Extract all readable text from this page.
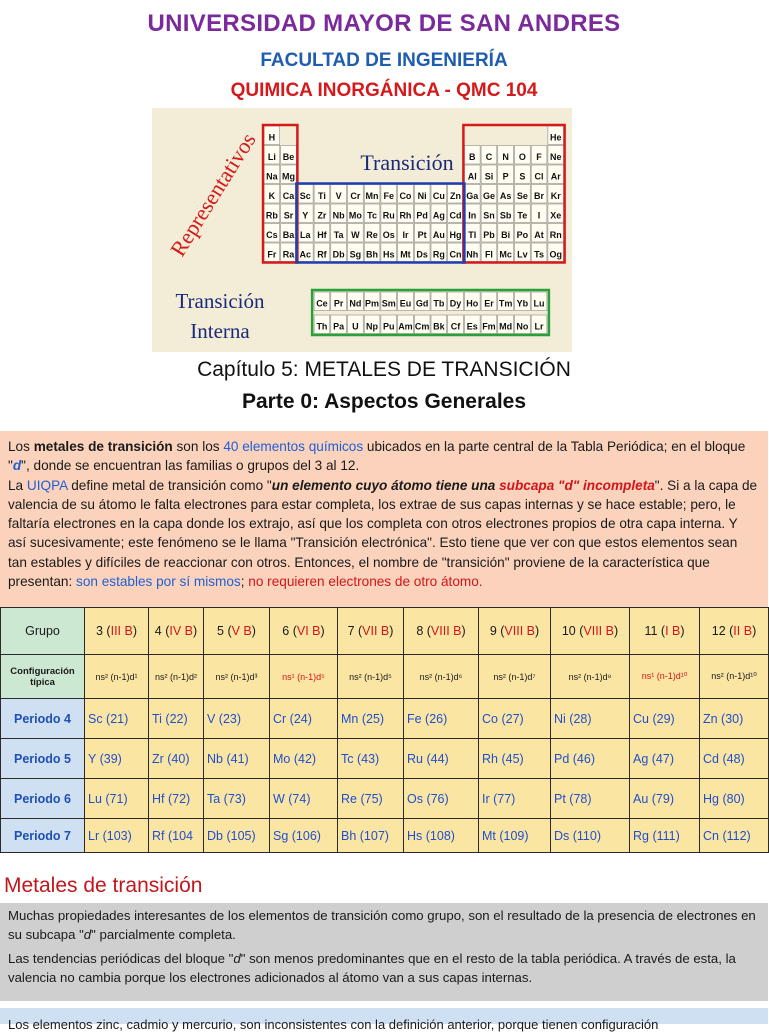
UNIVERSIDAD MAYOR DE SAN ANDRES
FACULTAD DE INGENIERÍA
QUIMICA INORGÁNICA - QMC 104
H	He
Li Be	B C N O F Ne
Na Mg	Al Si P S Cl Ar
K Ca Sc Ti V Cr Mn Fe Co Ni Cu Zn Ga Ge As Se Br Kr
Rb Sr Y Zr Nb Mo Tc Ru Rh Pd Ag Cd In Sn Sb Te I Xe
Cs Ba La Hf Ta W Re Os Ir Pt Au Hg Tl Pb Bi Po At Rn
Fr Ra Ac Rf Db Sg Bh Hs Mt Ds Rg Cn Nh Fl Mc Lv Ts Og
Ce Pr Nd Pm Sm Eu Gd Tb Dy Ho Er Tm Yb Lu
Th Pa U Np Pu Am Cm Bk Cf Es Fm Md No Lr
Transición
Representativos
Transición
Interna
Capítulo 5: METALES DE TRANSICIÓN
Parte 0: Aspectos Generales
Los metales de transición son los 40 elementos químicos ubicados en la parte central de la Tabla Periódica; en el bloque "d", donde se encuentran las familias o grupos del 3 al 12.
La UIQPA define metal de transición como "un elemento cuyo átomo tiene una subcapa "d" incompleta". Si a la capa de valencia de su átomo le falta electrones para estar completa, los extrae de sus capas internas y se hace estable; pero, le faltaría electrones en la capa donde los extrajo, así que los completa con otros electrones propios de otra capa interna. Y así sucesivamente; este fenómeno se le llama "Transición electrónica". Esto tiene que ver con que estos elementos sean tan estables y difíciles de reaccionar con otros. Entonces, el nombre de "transición" proviene de la característica que presentan: son estables por sí mismos; no requieren electrones de otro átomo.
Grupo	3 (III B)	4 (IV B)	5 (V B)	6 (VI B)	7 (VII B)	8 (VIII B)	9 (VIII B)	10 (VIII B)	11 (I B)	12 (II B)
Configuración típica	ns² (n-1)d¹	ns² (n-1)d²	ns² (n-1)d³	ns¹ (n-1)d⁵	ns² (n-1)d⁵	ns² (n-1)d⁶	ns² (n-1)d⁷	ns² (n-1)d⁸	ns¹ (n-1)d¹⁰	ns² (n-1)d¹⁰
Periodo 4	Sc (21)	Ti (22)	V (23)	Cr (24)	Mn (25)	Fe (26)	Co (27)	Ni (28)	Cu (29)	Zn (30)
Periodo 5	Y (39)	Zr (40)	Nb (41)	Mo (42)	Tc (43)	Ru (44)	Rh (45)	Pd (46)	Ag (47)	Cd (48)
Periodo 6	Lu (71)	Hf (72)	Ta (73)	W (74)	Re (75)	Os (76)	Ir (77)	Pt (78)	Au (79)	Hg (80)
Periodo 7	Lr (103)	Rf (104	Db (105)	Sg (106)	Bh (107)	Hs (108)	Mt (109)	Ds (110)	Rg (111)	Cn (112)
Metales de transición

Muchas propiedades interesantes de los elementos de transición como grupo, son el resultado de la presencia de electrones en su subcapa "d" parcialmente completa.

Las tendencias periódicas del bloque "d" son menos predominantes que en el resto de la tabla periódica. A través de esta, la valencia no cambia porque los electrones adicionados al átomo van a sus capas internas.

Los elementos zinc, cadmio y mercurio, son inconsistentes con la definición anterior, porque tienen configuración
